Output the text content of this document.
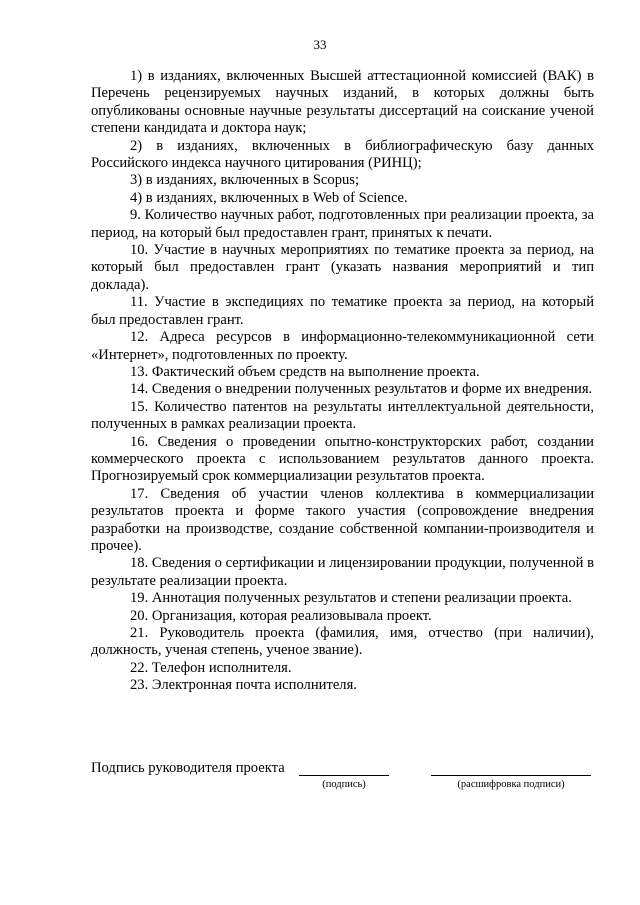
33

1) в изданиях, включенных Высшей аттестационной комиссией (ВАК) в Перечень рецензируемых научных изданий, в которых должны быть опубликованы основные научные результаты диссертаций на соискание ученой степени кандидата и доктора наук;

2) в изданиях, включенных в библиографическую базу данных Российского индекса научного цитирования (РИНЦ);

3) в изданиях, включенных в Scopus;

4) в изданиях, включенных в Web of Science.

9. Количество научных работ, подготовленных при реализации проекта, за период, на который был предоставлен грант, принятых к печати.

10. Участие в научных мероприятиях по тематике проекта за период, на который был предоставлен грант (указать названия мероприятий и тип доклада).

11. Участие в экспедициях по тематике проекта за период, на который был предоставлен грант.

12. Адреса ресурсов в информационно-телекоммуникационной сети «Интернет», подготовленных по проекту.

13. Фактический объем средств на выполнение проекта.

14. Сведения о внедрении полученных результатов и форме их внедрения.

15. Количество патентов на результаты интеллектуальной деятельности, полученных в рамках реализации проекта.

16. Сведения о проведении опытно-конструкторских работ, создании коммерческого проекта с использованием результатов данного проекта. Прогнозируемый срок коммерциализации результатов проекта.

17. Сведения об участии членов коллектива в коммерциализации результатов проекта и форме такого участия (сопровождение внедрения разработки на производстве, создание собственной компании-производителя и прочее).

18. Сведения о сертификации и лицензировании продукции, полученной в результате реализации проекта.

19. Аннотация полученных результатов и степени реализации проекта.

20. Организация, которая реализовывала проект.

21. Руководитель проекта (фамилия, имя, отчество (при наличии), должность, ученая степень, ученое звание).

22. Телефон исполнителя.

23. Электронная почта исполнителя.

Подпись руководителя проекта
(подпись)	(расшифровка подписи)
